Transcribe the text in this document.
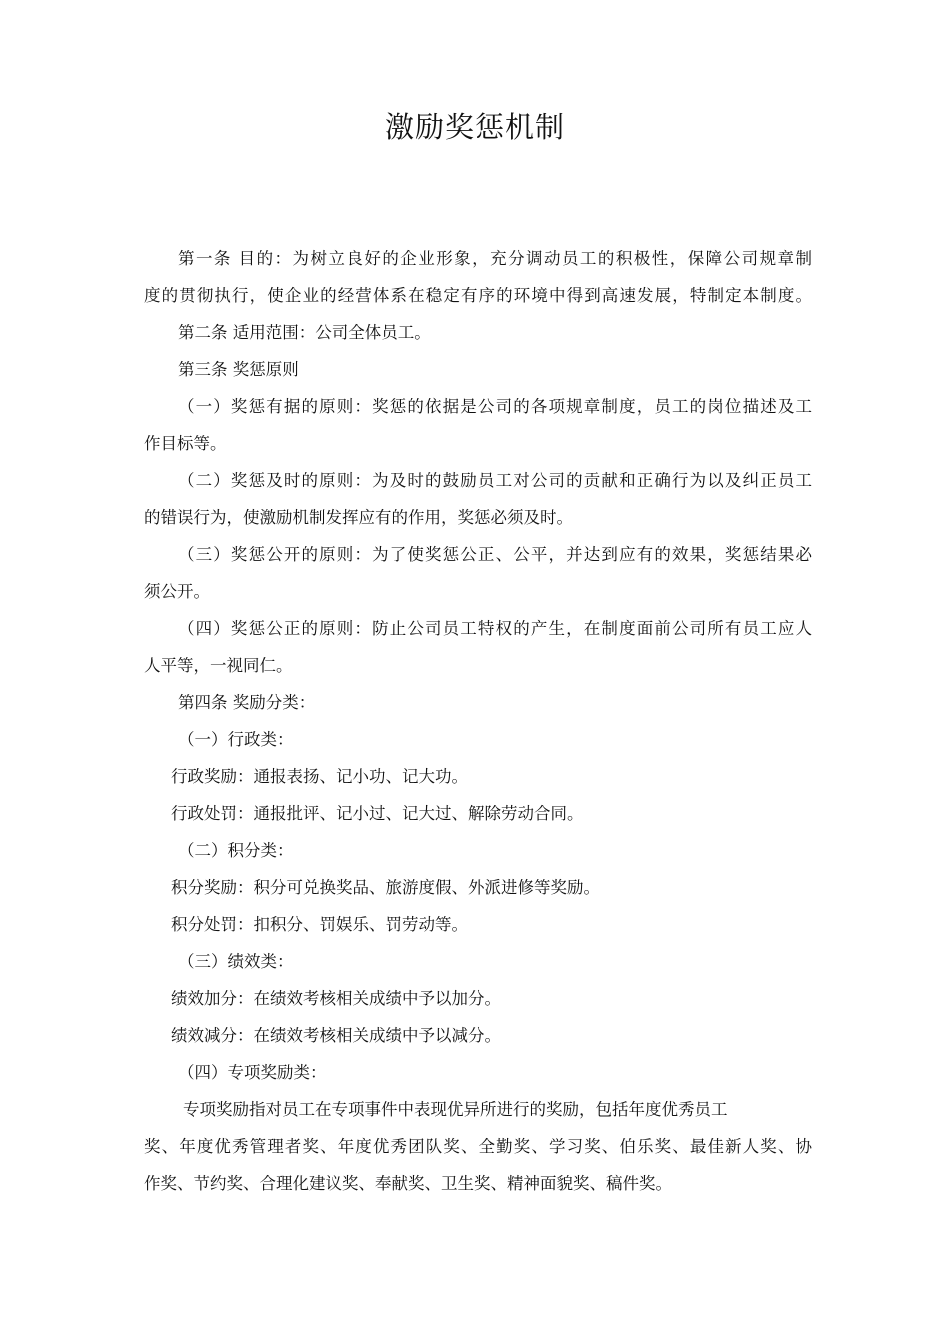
激励奖惩机制

第一条 目的：为树立良好的企业形象，充分调动员工的积极性，保障公司规章制

度的贯彻执行，使企业的经营体系在稳定有序的环境中得到高速发展，特制定本制度。

第二条 适用范围：公司全体员工。

第三条 奖惩原则

（一）奖惩有据的原则：奖惩的依据是公司的各项规章制度，员工的岗位描述及工

作目标等。

（二）奖惩及时的原则：为及时的鼓励员工对公司的贡献和正确行为以及纠正员工

的错误行为，使激励机制发挥应有的作用，奖惩必须及时。

（三）奖惩公开的原则：为了使奖惩公正、公平，并达到应有的效果，奖惩结果必

须公开。

（四）奖惩公正的原则：防止公司员工特权的产生，在制度面前公司所有员工应人

人平等，一视同仁。

第四条 奖励分类：

（一）行政类：

行政奖励：通报表扬、记小功、记大功。

行政处罚：通报批评、记小过、记大过、解除劳动合同。

（二）积分类：

积分奖励：积分可兑换奖品、旅游度假、外派进修等奖励。

积分处罚：扣积分、罚娱乐、罚劳动等。

（三）绩效类：

绩效加分：在绩效考核相关成绩中予以加分。

绩效减分：在绩效考核相关成绩中予以减分。

（四）专项奖励类：

专项奖励指对员工在专项事件中表现优异所进行的奖励，包括年度优秀员工

奖、年度优秀管理者奖、年度优秀团队奖、全勤奖、学习奖、伯乐奖、最佳新人奖、协

作奖、节约奖、合理化建议奖、奉献奖、卫生奖、精神面貌奖、稿件奖。
